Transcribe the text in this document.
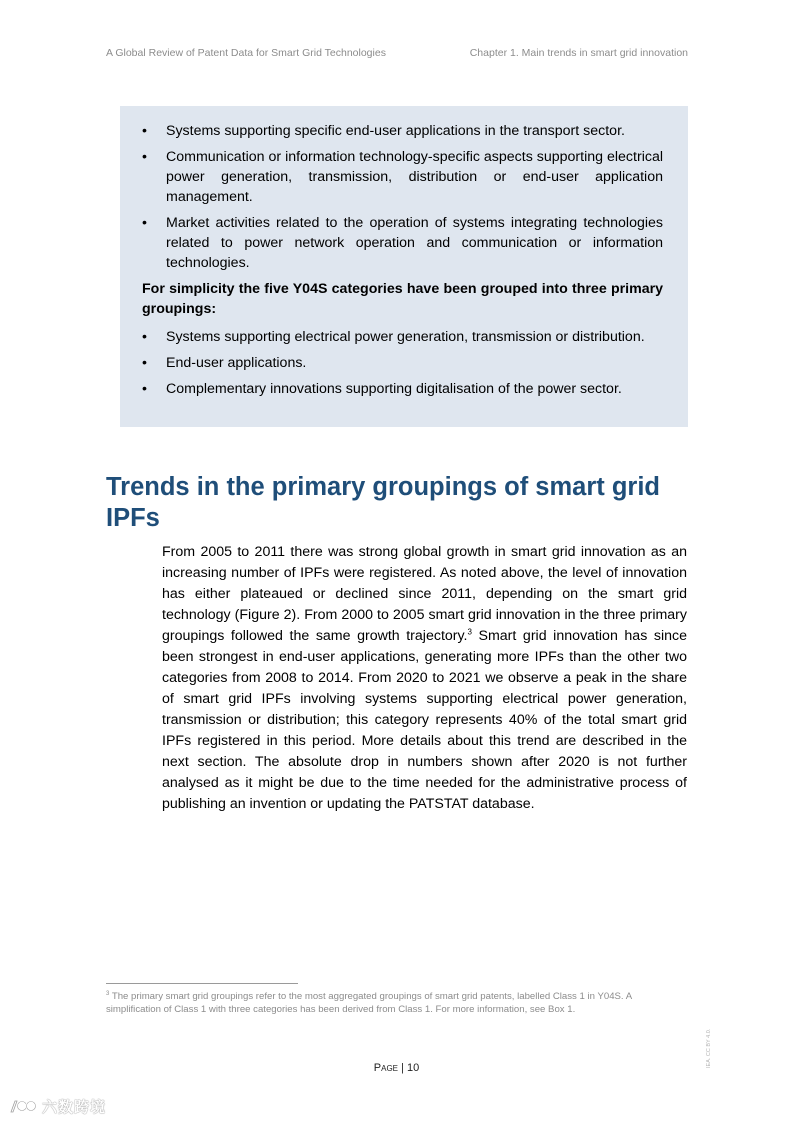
A Global Review of Patent Data for Smart Grid Technologies	Chapter 1. Main trends in smart grid innovation
• Systems supporting specific end-user applications in the transport sector.
• Communication or information technology-specific aspects supporting electrical power generation, transmission, distribution or end-user application management.
• Market activities related to the operation of systems integrating technologies related to power network operation and communication or information technologies.

For simplicity the five Y04S categories have been grouped into three primary groupings:

• Systems supporting electrical power generation, transmission or distribution.
• End-user applications.
• Complementary innovations supporting digitalisation of the power sector.
Trends in the primary groupings of smart grid IPFs

From 2005 to 2011 there was strong global growth in smart grid innovation as an increasing number of IPFs were registered. As noted above, the level of innovation has either plateaued or declined since 2011, depending on the smart grid technology (Figure 2). From 2000 to 2005 smart grid innovation in the three primary groupings followed the same growth trajectory.$^3$ Smart grid innovation has since been strongest in end-user applications, generating more IPFs than the other two categories from 2008 to 2014. From 2020 to 2021 we observe a peak in the share of smart grid IPFs involving systems supporting electrical power generation, transmission or distribution; this category represents 40% of the total smart grid IPFs registered in this period. More details about this trend are described in the next section. The absolute drop in numbers shown after 2020 is not further analysed as it might be due to the time needed for the administrative process of publishing an invention or updating the PATSTAT database.

$^3$ The primary smart grid groupings refer to the most aggregated groupings of smart grid patents, labelled Class 1 in Y04S. A simplification of Class 1 with three categories has been derived from Class 1. For more information, see Box 1.

IEA. CC BY 4.0.
Page | 10
六数跨境
